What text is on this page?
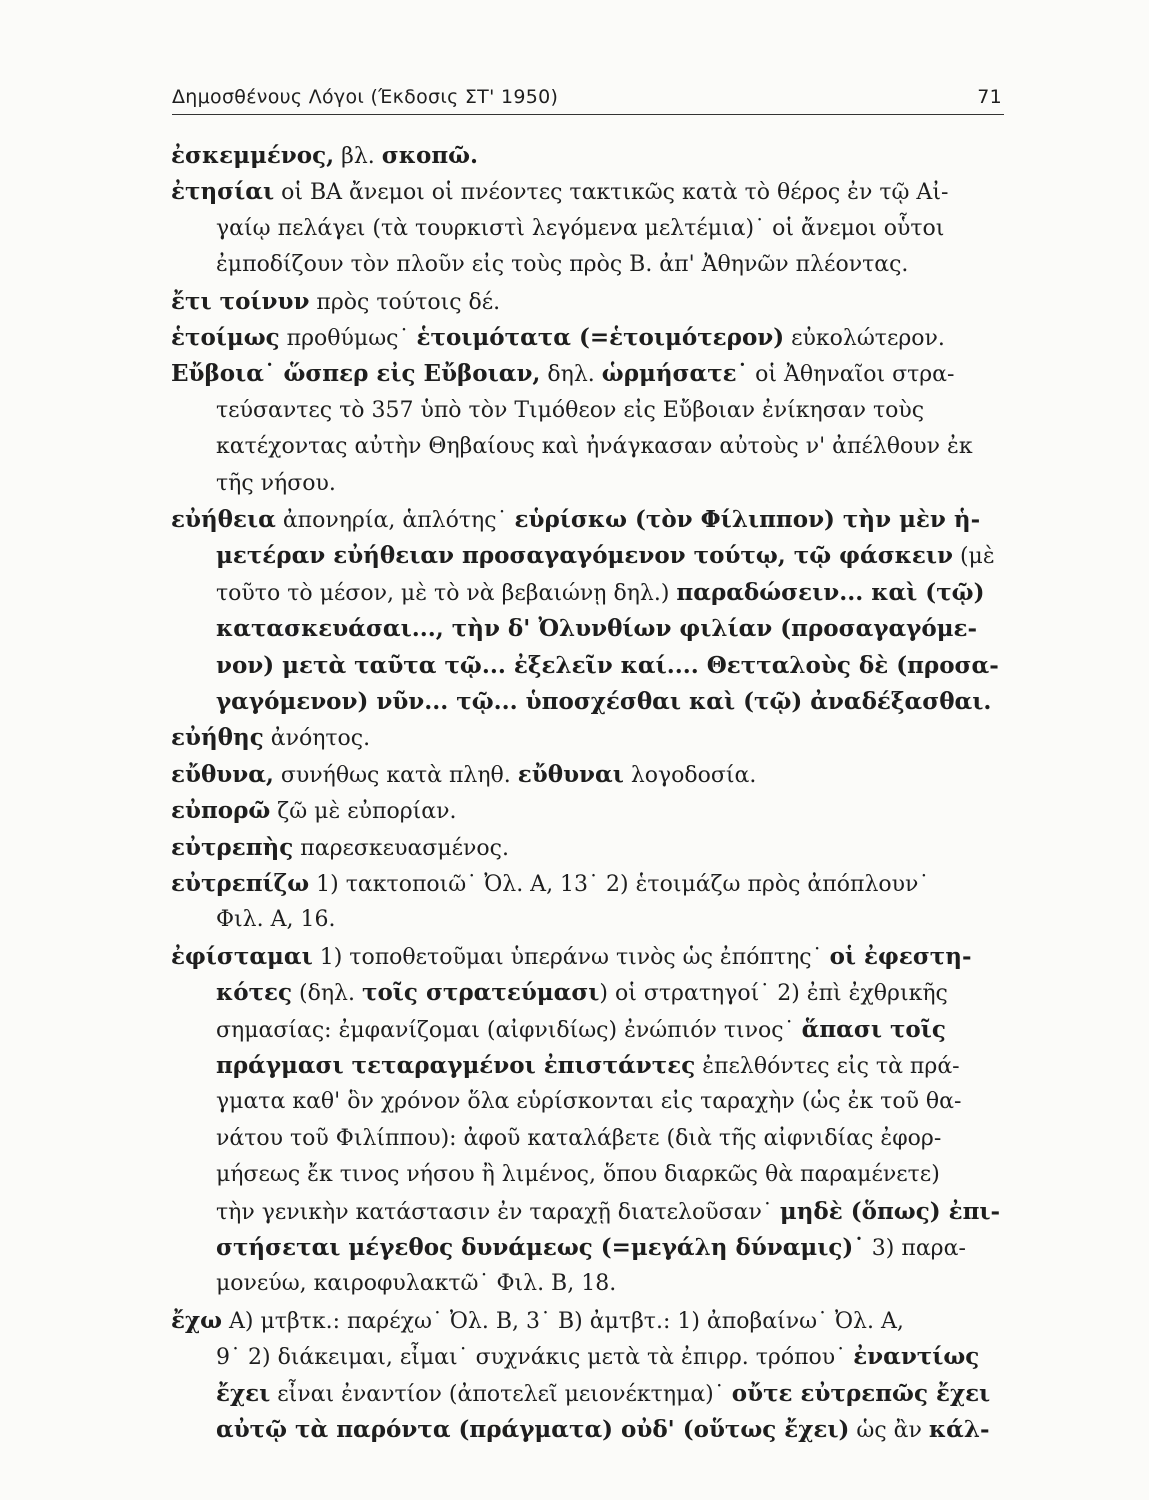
Δημοσθένους Λόγοι (Έκδοσις ΣΤ' 1950)	71
ἐσκεμμένος, βλ. σκοπῶ.
ἐτησίαι οἱ ΒΑ ἄνεμοι οἱ πνέοντες τακτικῶς κατὰ τὸ θέρος ἐν τῷ Αἰ-
γαίῳ πελάγει (τὰ τουρκιστὶ λεγόμενα μελτέμια)˙ οἱ ἄνεμοι οὗτοι
ἐμποδίζουν τὸν πλοῦν εἰς τοὺς πρὸς Β. ἀπ' Ἀθηνῶν πλέοντας.
ἔτι τοίνυν πρὸς τούτοις δέ.
ἑτοίμως προθύμως˙ ἑτοιμότατα (=ἑτοιμότερον) εὐκολώτερον.
Εὔβοια˙ ὥσπερ εἰς Εὔβοιαν, δηλ. ὡρμήσατε˙ οἱ Ἀθηναῖοι στρα-
τεύσαντες τὸ 357 ὑπὸ τὸν Τιμόθεον εἰς Εὔβοιαν ἐνίκησαν τοὺς
κατέχοντας αὐτὴν Θηβαίους καὶ ἠνάγκασαν αὐτοὺς ν' ἀπέλθουν ἐκ
τῆς νήσου.
εὐήθεια ἀπονηρία, ἁπλότης˙ εὑρίσκω (τὸν Φίλιππον) τὴν μὲν ἡ-
μετέραν εὐήθειαν προσαγαγόμενον τούτῳ, τῷ φάσκειν (μὲ
τοῦτο τὸ μέσον, μὲ τὸ νὰ βεβαιώνῃ δηλ.) παραδώσειν... καὶ (τῷ)
κατασκευάσαι..., τὴν δ' Ὀλυνθίων φιλίαν (προσαγαγόμε-
νον) μετὰ ταῦτα τῷ... ἐξελεῖν καί.... Θετταλοὺς δὲ (προσα-
γαγόμενον) νῦν... τῷ... ὑποσχέσθαι καὶ (τῷ) ἀναδέξασθαι.
εὐήθης ἀνόητος.
εὔθυνα, συνήθως κατὰ πληθ. εὔθυναι λογοδοσία.
εὐπορῶ ζῶ μὲ εὐπορίαν.
εὐτρεπὴς παρεσκευασμένος.
εὐτρεπίζω 1) τακτοποιῶ˙ Ὀλ. Α, 13˙ 2) ἑτοιμάζω πρὸς ἀπόπλουν˙
Φιλ. Α, 16.
ἐφίσταμαι 1) τοποθετοῦμαι ὑπεράνω τινὸς ὡς ἐπόπτης˙ οἱ ἐφεστη-
κότες (δηλ. τοῖς στρατεύμασι) οἱ στρατηγοί˙ 2) ἐπὶ ἐχθρικῆς
σημασίας: ἐμφανίζομαι (αἰφνιδίως) ἐνώπιόν τινος˙ ἅπασι τοῖς
πράγμασι τεταραγμένοι ἐπιστάντες ἐπελθόντες εἰς τὰ πρά-
γματα καθ' ὃν χρόνον ὅλα εὑρίσκονται εἰς ταραχὴν (ὡς ἐκ τοῦ θα-
νάτου τοῦ Φιλίππου): ἀφοῦ καταλάβετε (διὰ τῆς αἰφνιδίας ἐφορ-
μήσεως ἔκ τινος νήσου ἢ λιμένος, ὅπου διαρκῶς θὰ παραμένετε)
τὴν γενικὴν κατάστασιν ἐν ταραχῇ διατελοῦσαν˙ μηδὲ (ὅπως) ἐπι-
στήσεται μέγεθος δυνάμεως (=μεγάλη δύναμις)˙ 3) παρα-
μονεύω, καιροφυλακτῶ˙ Φιλ. Β, 18.
ἔχω Α) μτβτκ.: παρέχω˙ Ὀλ. Β, 3˙ Β) ἀμτβτ.: 1) ἀποβαίνω˙ Ὀλ. Α,
9˙ 2) διάκειμαι, εἶμαι˙ συχνάκις μετὰ τὰ ἐπιρρ. τρόπου˙ ἐναντίως
ἔχει εἶναι ἐναντίον (ἀποτελεῖ μειονέκτημα)˙ οὔτε εὐτρεπῶς ἔχει
αὐτῷ τὰ παρόντα (πράγματα) οὐδ' (οὕτως ἔχει) ὡς ἂν κάλ-
